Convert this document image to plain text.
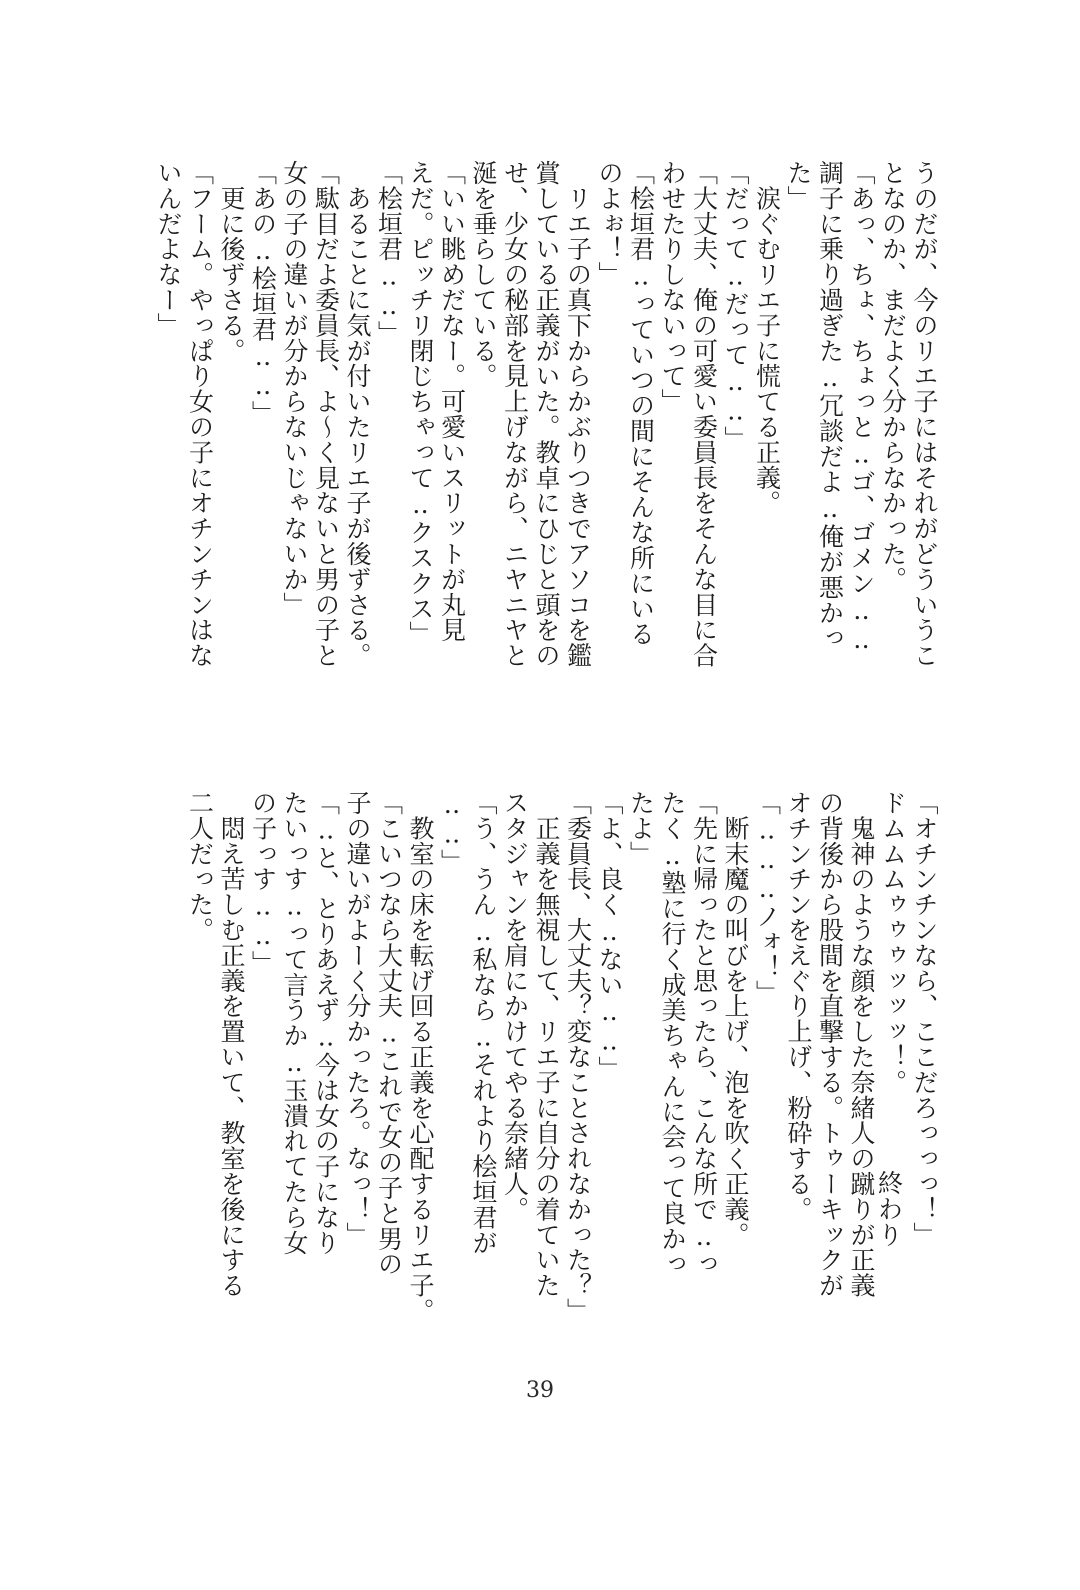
うのだが、今のリエ子にはそれがどういうこ
となのか、まだよく分からなかった。
「あっ、ちょ、ちょっと‥ゴ、ゴメン‥‥
調子に乗り過ぎた‥冗談だよ‥俺が悪かっ
た」
　涙ぐむリエ子に慌てる正義。
「だって‥だって‥‥」
「大丈夫、俺の可愛い委員長をそんな目に合
わせたりしないって」
「桧垣君‥っていつの間にそんな所にいる
のよぉ！」
　リエ子の真下からかぶりつきでアソコを鑑
賞している正義がいた。教卓にひじと頭をの
せ、少女の秘部を見上げながら、ニヤニヤと
涎を垂らしている。
「いい眺めだなー。可愛いスリットが丸見
えだ。ピッチリ閉じちゃって‥クスクス」
「桧垣君‥‥」
　あることに気が付いたリエ子が後ずさる。
「駄目だよ委員長、よ〜く見ないと男の子と
女の子の違いが分からないじゃないか」
「あの‥桧垣君‥‥」
　更に後ずさる。
「フーム。やっぱり女の子にオチンチンはな
いんだよなー」
「オチンチンなら、ここだろっっっ！」
ドムムムゥゥゥッッッ！。
　鬼神のような顔をした奈緒人の蹴りが正義
の背後から股間を直撃する。トゥーキックが
オチンチンをえぐり上げ、粉砕する。
「‥‥‥ノォ！」
　断末魔の叫びを上げ、泡を吹く正義。
「先に帰ったと思ったら、こんな所で‥っ
たく‥塾に行く成美ちゃんに会って良かっ
たよ」
「よ、良く‥ない‥‥」
「委員長、大丈夫？変なことされなかった？」
　正義を無視して、リエ子に自分の着ていた
スタジャンを肩にかけてやる奈緒人。
「う、うん‥私なら‥それより桧垣君が
‥‥」
　教室の床を転げ回る正義を心配するリエ子。
「こいつなら大丈夫‥これで女の子と男の
子の違いがよーく分かったろ。なっ！」
「‥と、とりあえず‥今は女の子になり
たいっす‥って言うか‥玉潰れてたら女
の子っす‥‥」
　悶え苦しむ正義を置いて、教室を後にする
二人だった。
終わり
39
